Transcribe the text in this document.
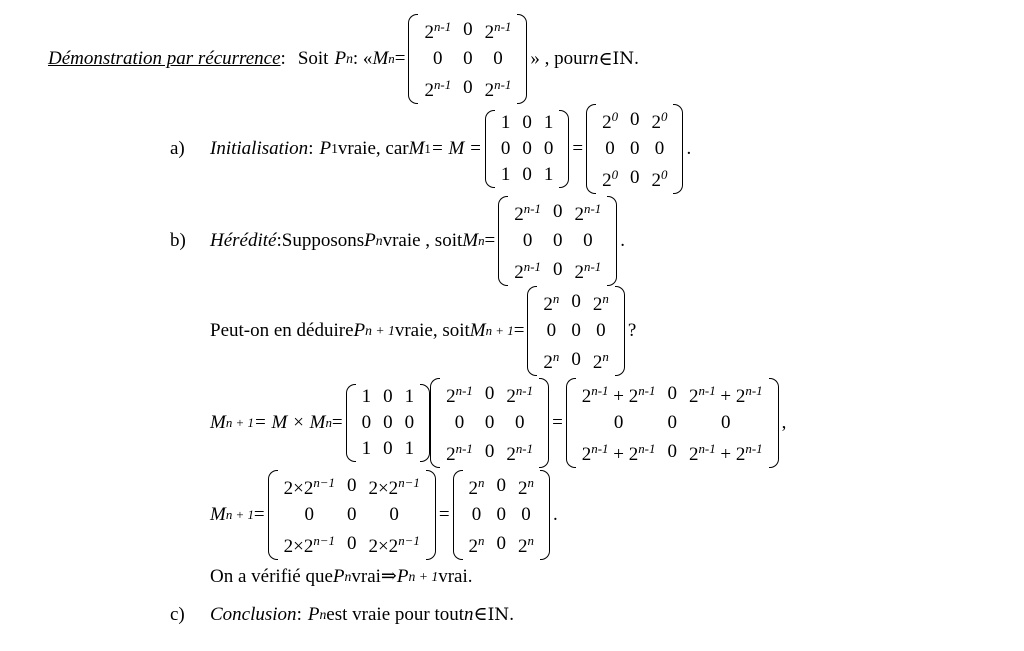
Démonstration par récurrence : Soit P n : « M n =
$2^{n-1}$	0	2$^{n-1}$
0	0	0
2$^{n-1}$	0	2$^{n-1}$
» , pour n ∈ IN .
a)	Initialisation : P 1 vraie, car M 1 = M =
1	0	1
0	0	0
1	0	1
=
$2^0$	0	$2^0$
0	0	0
$2^0$	0	$2^0$
.
b)	Hérédité : Supposons P n vraie , soit M n =
$2^{n-1}$	0	2$^{n-1}$
0	0	0
2$^{n-1}$	0	2$^{n-1}$
.
Peut-on en déduire P n + 1 vraie, soit M n + 1 =
$2^n$	0	2$^n$
0	0	0
2$^n$	0	2$^n$
?
M n + 1 = M × M n =
1	0	1
0	0	0
1	0	1
2$^{n-1}$	0	2$^{n-1}$
0	0	0
2$^{n-1}$	0	$2^{n-1}$
=
$2^{n-1} + 2^{n-1}$	0	$2^{n-1} + 2^{n-1}$
0	0	0
$2^{n-1} + 2^{n-1}$	0	$2^{n-1} + 2^{n-1}$
,
M n + 1 =
$2\times 2^{n-1}$	0	$2\times 2^{n-1}$
0	0	0
$2\times 2^{n-1}$	0	$2\times 2^{n-1}$
=
$2^n$	0	2$^n$
0	0	0
2$^n$	0	2$^n$
.
On a vérifié que P n vrai ⇒ P n + 1 vrai.
c)	Conclusion : P n est vraie pour tout n ∈ IN .
